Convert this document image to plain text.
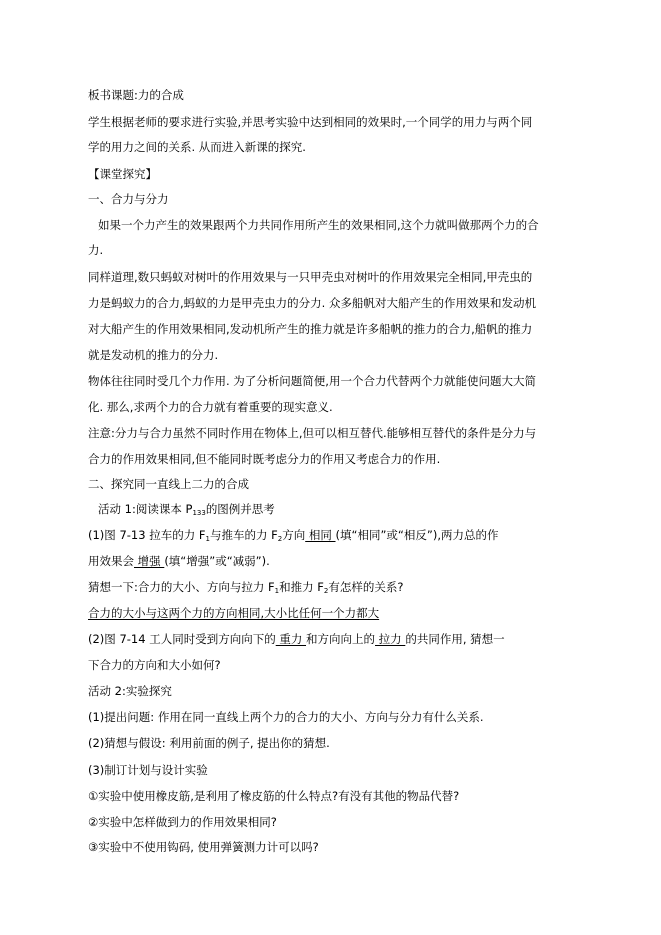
板书课题:力的合成
学生根据老师的要求进行实验,并思考实验中达到相同的效果时,一个同学的用力与两个同
学的用力之间的关系. 从而进入新课的探究.
【课堂探究】
一、合力与分力
如果一个力产生的效果跟两个力共同作用所产生的效果相同,这个力就叫做那两个力的合
力.
同样道理,数只蚂蚁对树叶的作用效果与一只甲壳虫对树叶的作用效果完全相同,甲壳虫的
力是蚂蚁力的合力,蚂蚁的力是甲壳虫力的分力. 众多船帆对大船产生的作用效果和发动机
对大船产生的作用效果相同,发动机所产生的推力就是许多船帆的推力的合力,船帆的推力
就是发动机的推力的分力.
物体往往同时受几个力作用. 为了分析问题简便,用一个合力代替两个力就能使问题大大简
化. 那么,求两个力的合力就有着重要的现实意义.
注意:分力与合力虽然不同时作用在物体上,但可以相互替代.能够相互替代的条件是分力与
合力的作用效果相同,但不能同时既考虑分力的作用又考虑合力的作用.
二、探究同一直线上二力的合成
活动 1:阅读课本 $P_{133}$的图例并思考
(1)图 7-13 拉车的力 $F_1$与推车的力 $F_2$方向 相同 (填“相同”或“相反”),两力总的作
用效果会 增强 (填“增强”或“减弱”).
猜想一下:合力的大小、方向与拉力 $F_1$和推力 $F_2$有怎样的关系?
合力的大小与这两个力的方向相同,大小比任何一个力都大
(2)图 7-14 工人同时受到方向向下的 重力 和方向向上的 拉力 的共同作用, 猜想一
下合力的方向和大小如何?
活动 2:实验探究
(1)提出问题: 作用在同一直线上两个力的合力的大小、方向与分力有什么关系.
(2)猜想与假设: 利用前面的例子, 提出你的猜想.
(3)制订计划与设计实验
①实验中使用橡皮筋,是利用了橡皮筋的什么特点?有没有其他的物品代替?
②实验中怎样做到力的作用效果相同?
③实验中不使用钩码, 使用弹簧测力计可以吗?
